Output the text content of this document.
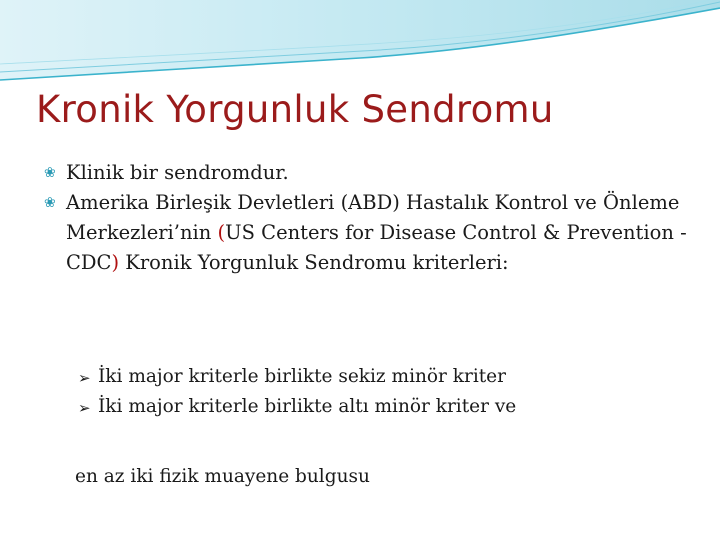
Kronik Yorgunluk Sendromu
❀ Klinik bir sendromdur.
❀ Amerika Birleşik Devletleri (ABD) Hastalık Kontrol ve Önleme Merkezleri’nin (US Centers for Disease Control & Prevention - CDC) Kronik Yorgunluk Sendromu kriterleri:
➢ İki major kriterle birlikte sekiz minör kriter
➢ İki major kriterle birlikte altı minör kriter ve
en az iki fizik muayene bulgusu
